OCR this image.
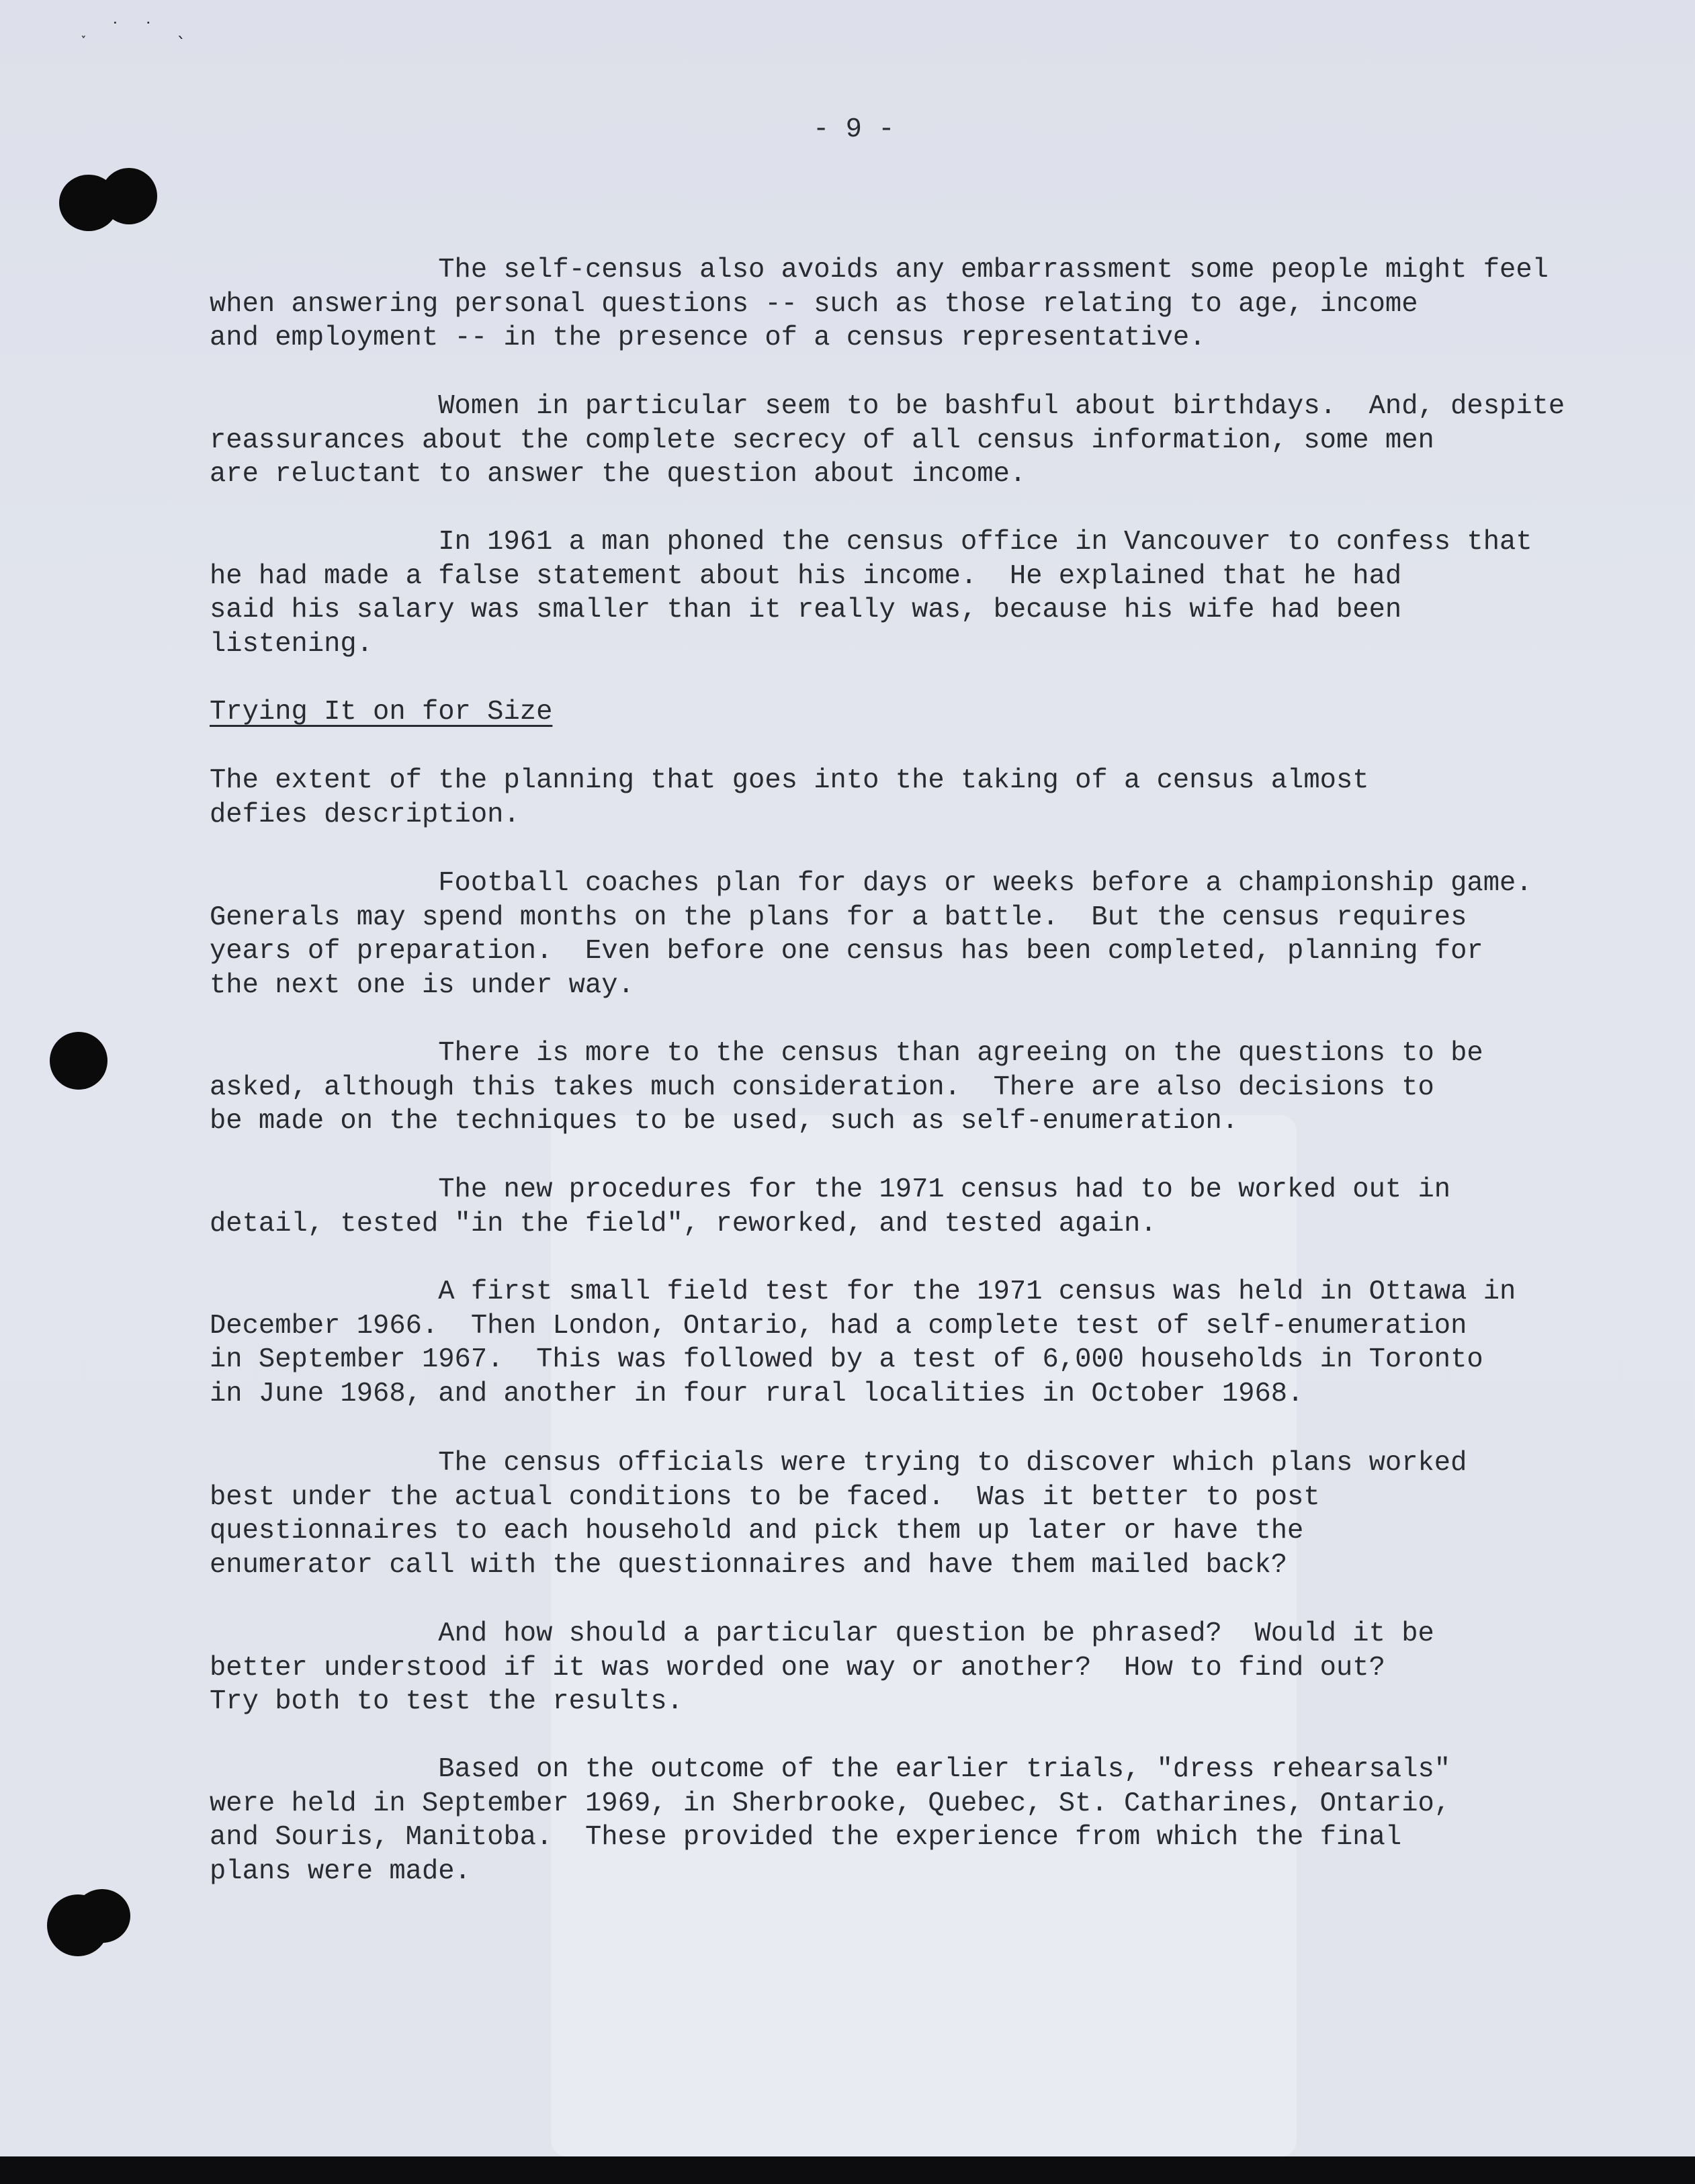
˯ ˙ ˙ ˎ
- 9 -

The self-census also avoids any embarrassment some people might feel
when answering personal questions -- such as those relating to age, income
and employment -- in the presence of a census representative.

Women in particular seem to be bashful about birthdays.  And, despite
reassurances about the complete secrecy of all census information, some men
are reluctant to answer the question about income.

In 1961 a man phoned the census office in Vancouver to confess that
he had made a false statement about his income.  He explained that he had
said his salary was smaller than it really was, because his wife had been
listening.

Trying It on for Size

The extent of the planning that goes into the taking of a census almost
defies description.

Football coaches plan for days or weeks before a championship game.
Generals may spend months on the plans for a battle.  But the census requires
years of preparation.  Even before one census has been completed, planning for
the next one is under way.

There is more to the census than agreeing on the questions to be
asked, although this takes much consideration.  There are also decisions to
be made on the techniques to be used, such as self-enumeration.

The new procedures for the 1971 census had to be worked out in
detail, tested "in the field", reworked, and tested again.

A first small field test for the 1971 census was held in Ottawa in
December 1966.  Then London, Ontario, had a complete test of self-enumeration
in September 1967.  This was followed by a test of 6,000 households in Toronto
in June 1968, and another in four rural localities in October 1968.

The census officials were trying to discover which plans worked
best under the actual conditions to be faced.  Was it better to post
questionnaires to each household and pick them up later or have the
enumerator call with the questionnaires and have them mailed back?

And how should a particular question be phrased?  Would it be
better understood if it was worded one way or another?  How to find out?
Try both to test the results.

Based on the outcome of the earlier trials, "dress rehearsals"
were held in September 1969, in Sherbrooke, Quebec, St. Catharines, Ontario,
and Souris, Manitoba.  These provided the experience from which the final
plans were made.
